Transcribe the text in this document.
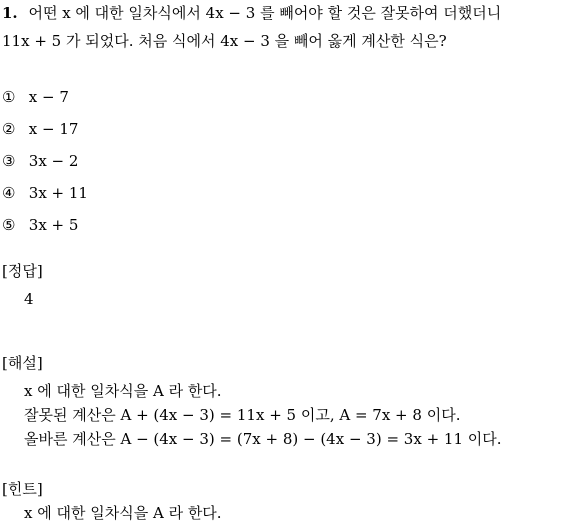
1. 어떤 x 에 대한 일차식에서 4x − 3 를 빼어야 할 것은 잘못하여 더했더니
11x + 5 가 되었다. 처음 식에서 4x − 3 을 빼어 옳게 계산한 식은?
① x − 7
② x − 17
③ 3x − 2
④ 3x + 11
⑤ 3x + 5
[정답]
4
[해설]
x 에 대한 일차식을 A 라 한다.
잘못된 계산은 A + (4x − 3) = 11x + 5 이고, A = 7x + 8 이다.
올바른 계산은 A − (4x − 3) = (7x + 8) − (4x − 3) = 3x + 11 이다.
[힌트]
x 에 대한 일차식을 A 라 한다.
